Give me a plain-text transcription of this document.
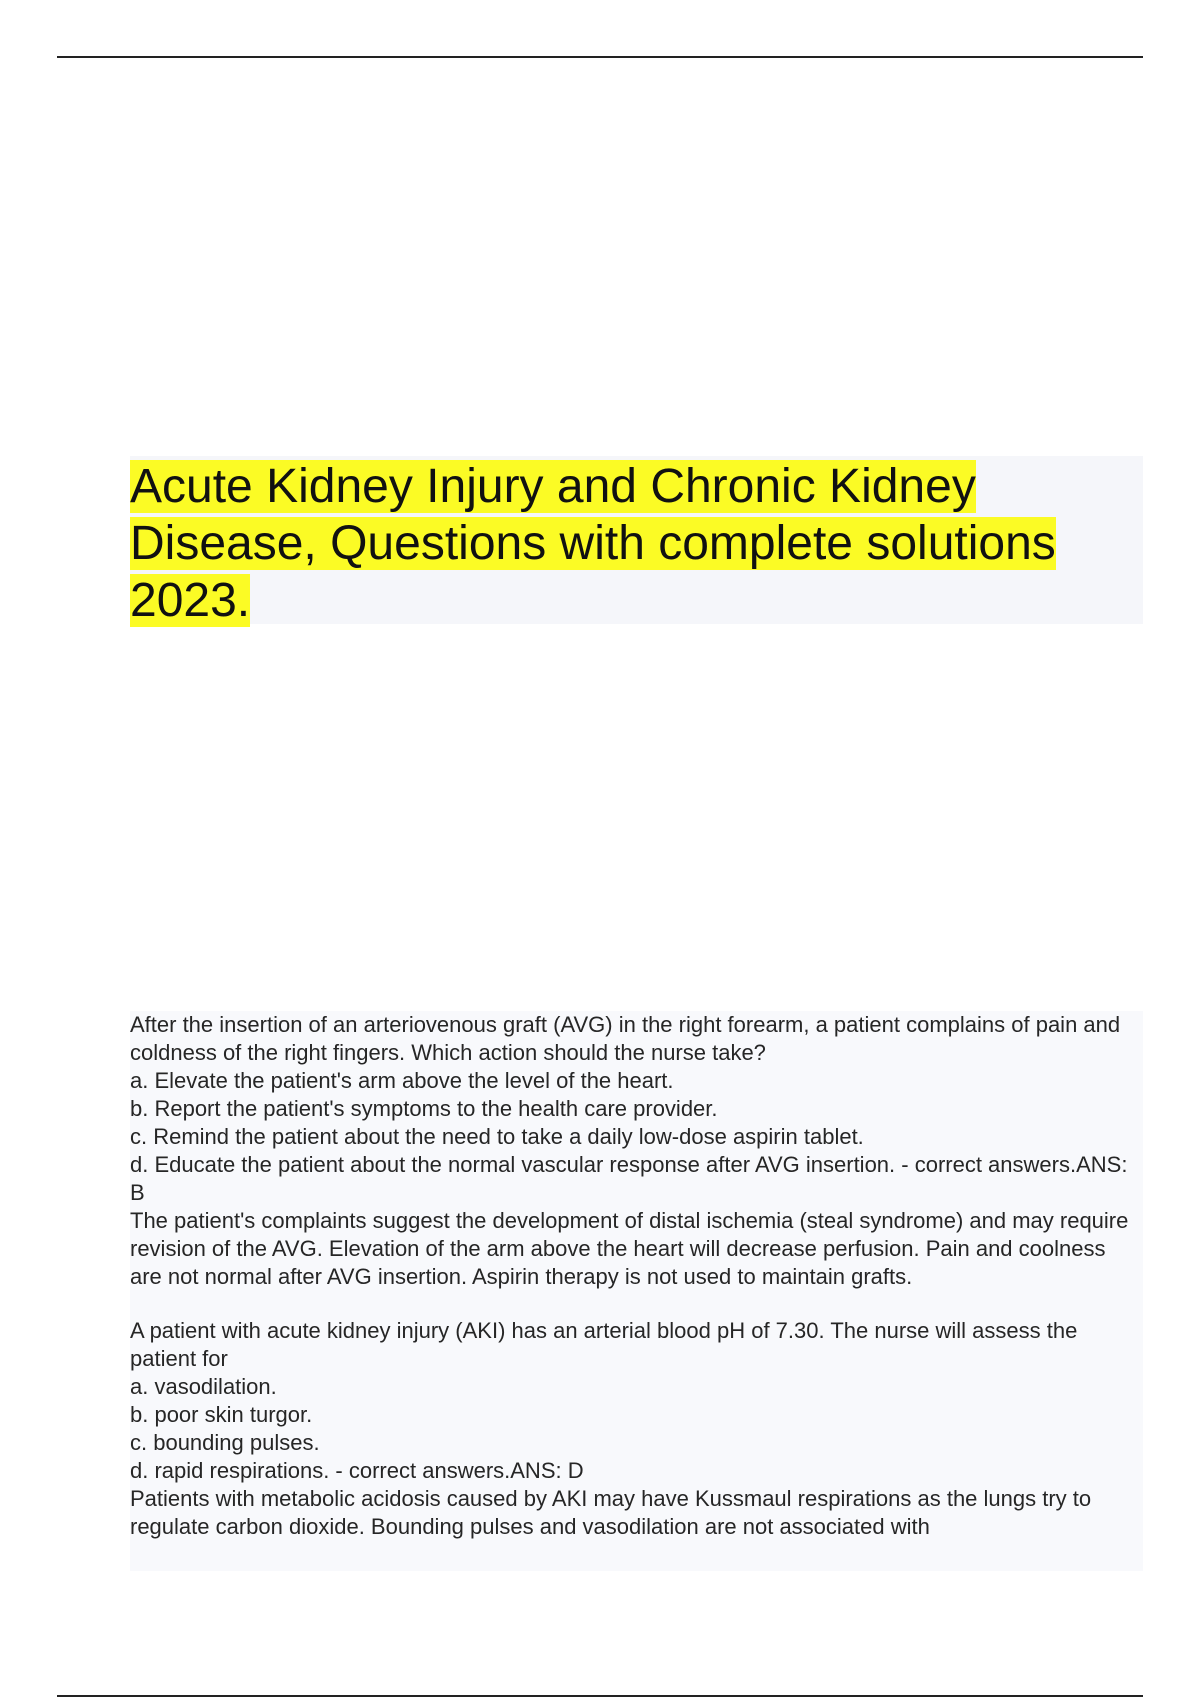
Acute Kidney Injury and Chronic Kidney Disease, Questions with complete solutions 2023.

After the insertion of an arteriovenous graft (AVG) in the right forearm, a patient complains of pain and coldness of the right fingers. Which action should the nurse take?

a. Elevate the patient's arm above the level of the heart.

b. Report the patient's symptoms to the health care provider.

c. Remind the patient about the need to take a daily low-dose aspirin tablet.

d. Educate the patient about the normal vascular response after AVG insertion. - correct answers.ANS: B

The patient's complaints suggest the development of distal ischemia (steal syndrome) and may require revision of the AVG. Elevation of the arm above the heart will decrease perfusion. Pain and coolness are not normal after AVG insertion. Aspirin therapy is not used to maintain grafts.

A patient with acute kidney injury (AKI) has an arterial blood pH of 7.30. The nurse will assess the patient for

a. vasodilation.

b. poor skin turgor.

c. bounding pulses.

d. rapid respirations. - correct answers.ANS: D

Patients with metabolic acidosis caused by AKI may have Kussmaul respirations as the lungs try to regulate carbon dioxide. Bounding pulses and vasodilation are not associated with
